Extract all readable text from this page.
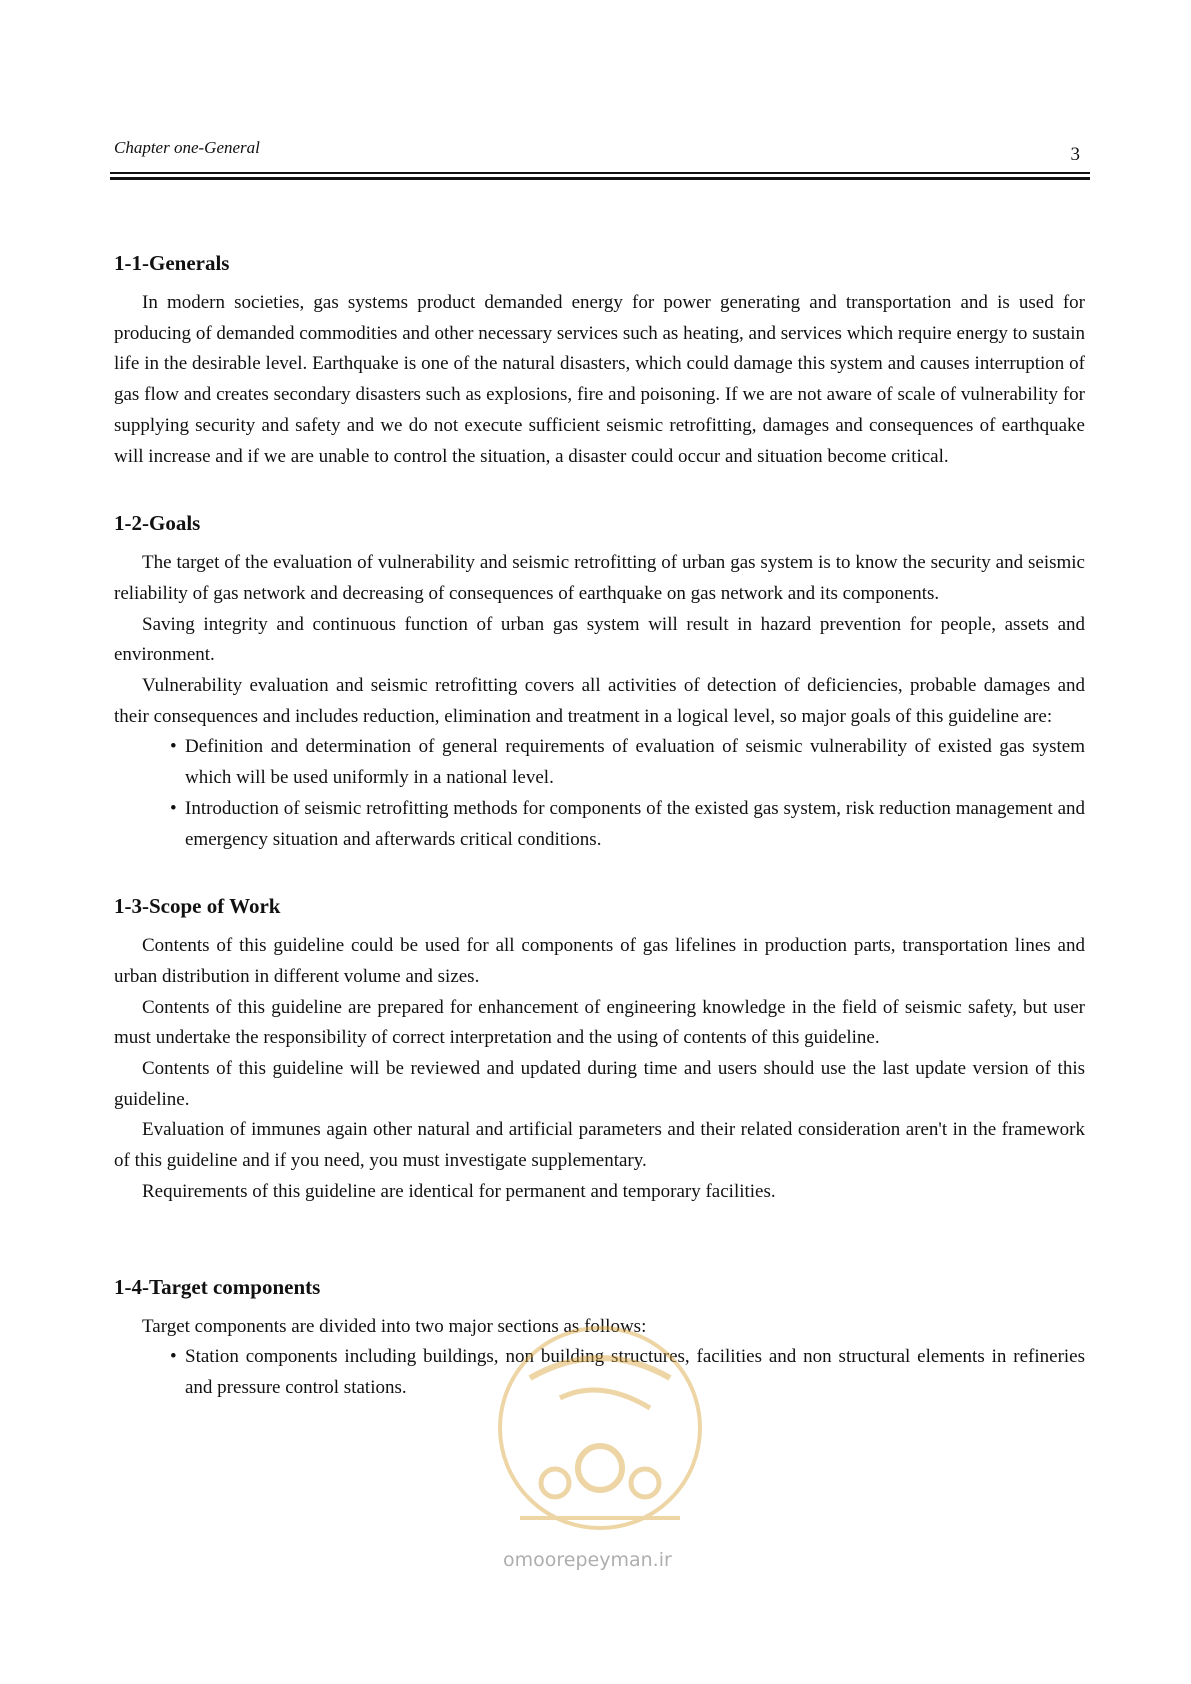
Chapter one-General	3
1-1-Generals

In modern societies, gas systems product demanded energy for power generating and transportation and is used for producing of demanded commodities and other necessary services such as heating, and services which require energy to sustain life in the desirable level. Earthquake is one of the natural disasters, which could damage this system and causes interruption of gas flow and creates secondary disasters such as explosions, fire and poisoning. If we are not aware of scale of vulnerability for supplying security and safety and we do not execute sufficient seismic retrofitting, damages and consequences of earthquake will increase and if we are unable to control the situation, a disaster could occur and situation become critical.

1-2-Goals

The target of the evaluation of vulnerability and seismic retrofitting of urban gas system is to know the security and seismic reliability of gas network and decreasing of consequences of earthquake on gas network and its components.

Saving integrity and continuous function of urban gas system will result in hazard prevention for people, assets and environment.

Vulnerability evaluation and seismic retrofitting covers all activities of detection of deficiencies, probable damages and their consequences and includes reduction, elimination and treatment in a logical level, so major goals of this guideline are:

• Definition and determination of general requirements of evaluation of seismic vulnerability of existed gas system which will be used uniformly in a national level.
• Introduction of seismic retrofitting methods for components of the existed gas system, risk reduction management and emergency situation and afterwards critical conditions.
1-3-Scope of Work

Contents of this guideline could be used for all components of gas lifelines in production parts, transportation lines and urban distribution in different volume and sizes.

Contents of this guideline are prepared for enhancement of engineering knowledge in the field of seismic safety, but user must undertake the responsibility of correct interpretation and the using of contents of this guideline.

Contents of this guideline will be reviewed and updated during time and users should use the last update version of this guideline.

Evaluation of immunes again other natural and artificial parameters and their related consideration aren't in the framework of this guideline and if you need, you must investigate supplementary.

Requirements of this guideline are identical for permanent and temporary facilities.

1-4-Target components

Target components are divided into two major sections as follows:

• Station components including buildings, non building structures, facilities and non structural elements in refineries and pressure control stations.
omoorepeyman.ir
